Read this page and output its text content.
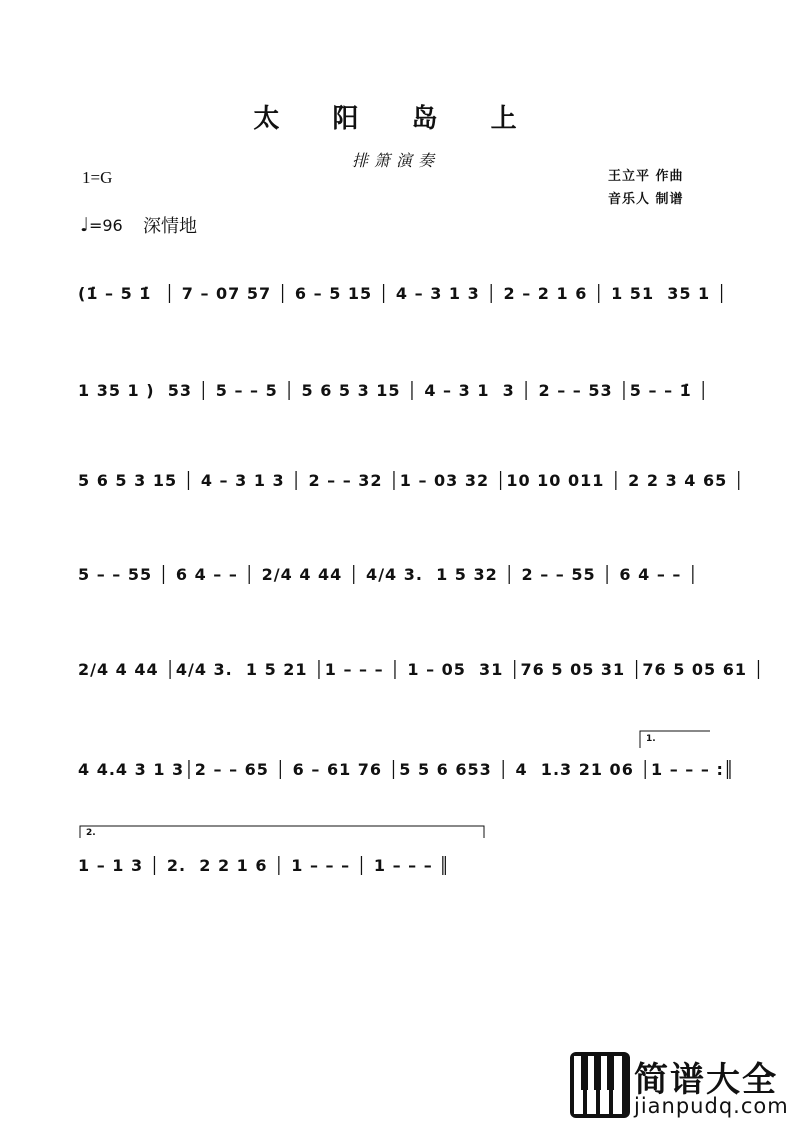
太 阳 岛 上
排箫演奏
1=G	王立平 作曲
音乐人 制谱
♩=96 深情地
(1̇ – 5 1̇  │ 7 – 07 57 │ 6 – 5 15 │ 4 – 3 1 3 │ 2 – 2 1 6 │ 1 51  35 1 │
1 35 1 )  53 │ 5 – – 5 │ 5 6 5 3 15 │ 4 – 3 1  3 │ 2 – – 53 │5 – – 1̇ │
5 6 5 3 15 │ 4 – 3 1 3 │ 2 – – 32 │1 – 03 32 │10 10 011 │ 2 2 3 4 65 │
5 – – 55 │ 6 4 – – │ 2/4 4 44 │ 4/4 3.  1 5 32 │ 2 – – 55 │ 6 4 – – │
2/4 4 44 │4/4 3.  1 5 21 │1 – – – │ 1 – 05  31 │76 5 05 31 │76 5 05 61 │
4 4.4 3 1 3│2 – – 65 │ 6 – 61 76 │5 5 6 653 │ 4  1.3 21 06 │1 – – – :║
1 – 1 3 │ 2.  2 2 1 6 │ 1 – – – │ 1 – – – ║
1.
2.
简谱大全
jianpudq.com
